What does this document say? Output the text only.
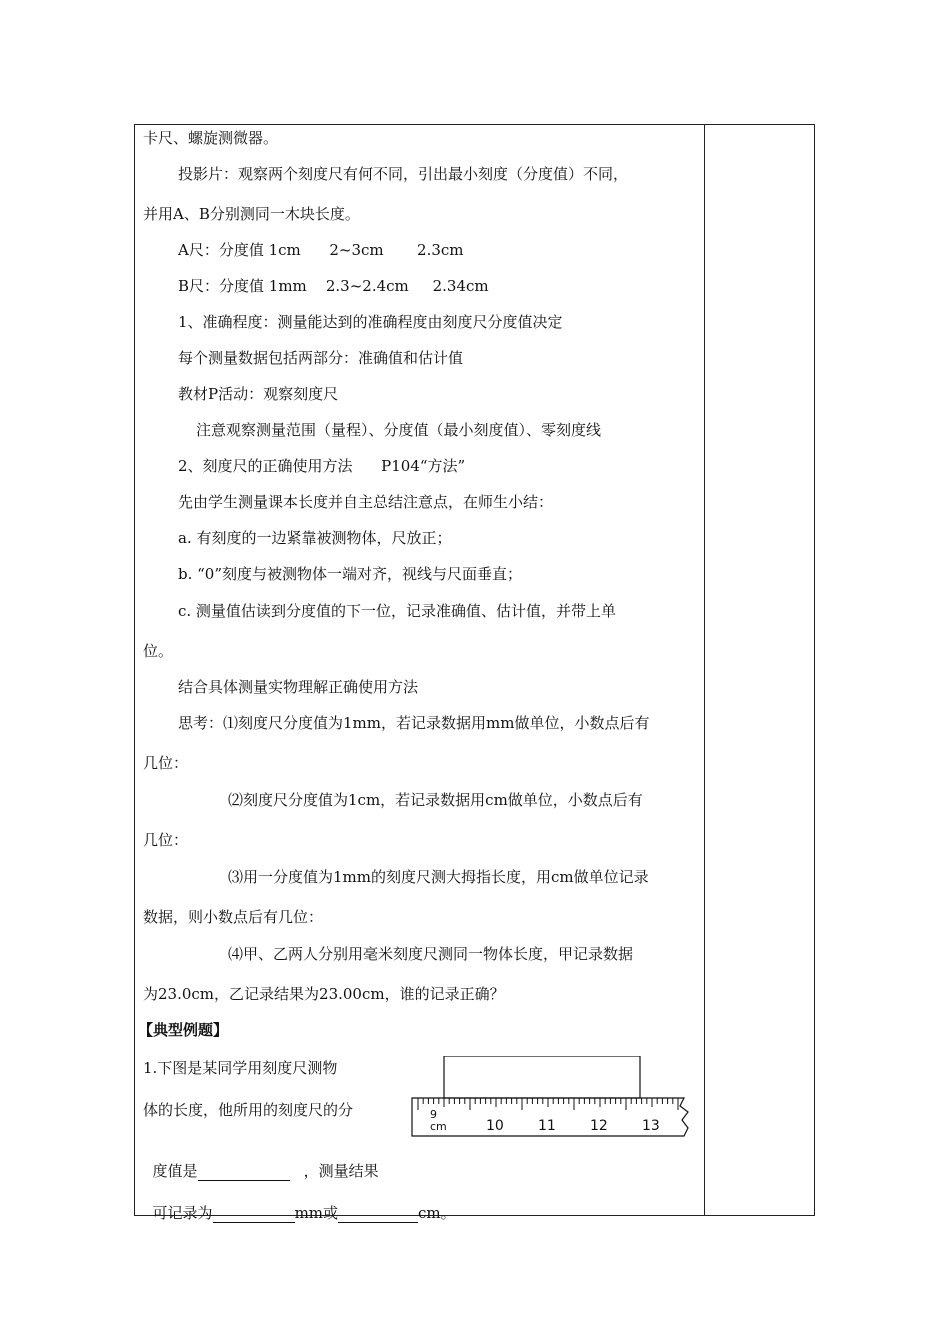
卡尺、螺旋测微器。
投影片：观察两个刻度尺有何不同，引出最小刻度（分度值）不同，
并用A、B分别测同一木块长度。
A尺：分度值 1cm      2~3cm       2.3cm
B尺：分度值 1mm    2.3~2.4cm     2.34cm
1、准确程度：测量能达到的准确程度由刻度尺分度值决定
每个测量数据包括两部分：准确值和估计值
教材P活动：观察刻度尺
注意观察测量范围（量程）、分度值（最小刻度值）、零刻度线
2、刻度尺的正确使用方法      P104“方法”
先由学生测量课本长度并自主总结注意点，在师生小结：
a. 有刻度的一边紧靠被测物体，尺放正；
b. “0”刻度与被测物体一端对齐，视线与尺面垂直；
c. 测量值估读到分度值的下一位，记录准确值、估计值，并带上单
位。
结合具体测量实物理解正确使用方法
思考：⑴刻度尺分度值为1mm，若记录数据用mm做单位，小数点后有
几位：
⑵刻度尺分度值为1cm，若记录数据用cm做单位，小数点后有
几位：
⑶用一分度值为1mm的刻度尺测大拇指长度，用cm做单位记录
数据，则小数点后有几位：
⑷甲、乙两人分别用毫米刻度尺测同一物体长度，甲记录数据
为23.0cm，乙记录结果为23.00cm，谁的记录正确？
【典型例题】
1.下图是某同学用刻度尺测物
体的长度，他所用的刻度尺的分

度值是	，测量结果

可记录为	mm或	cm。

9
cm	10 11 12 13
